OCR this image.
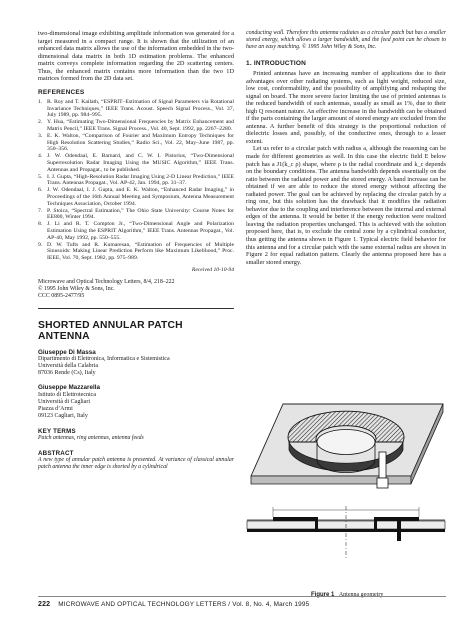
two-dimensional image exhibiting amplitude information was generated for a target measured in a compact range. It is shown that the utilization of an enhanced data matrix allows the use of the information embedded in the two-dimensional data matrix in both 1D estimation problems. The enhanced matrix conveys complete information regarding the 2D scattering centers. Thus, the enhanced matrix contains more information than the two 1D matrices formed from the 2D data set.

REFERENCES
1. R. Roy and T. Kailath, “ESPRIT–Estimation of Signal Parameters via Rotational Invariance Techniques,” IEEE Trans. Acoust. Speech Signal Process., Vol. 37, July 1989, pp. 984–995.
2. Y. Hua, “Estimating Two-Dimensional Frequencies by Matrix Enhancement and Matrix Pencil,” IEEE Trans. Signal Process., Vol. 40, Sept. 1992, pp. 2267–2280.
3. E. K. Walton, “Comparison of Fourier and Maximum Entropy Techniques for High Resolution Scattering Studies,” Radio Sci., Vol. 22, May–June 1987, pp. 350–356.
4. J. W. Odendaal, E. Barnard, and C. W. I. Pistorius, “Two-Dimensional Superresolution Radar Imaging Using the MUSIC Algorithm,” IEEE Trans. Antennas and Propagat., to be published.
5. I. J. Gupta, “High-Resolution Radar Imaging Using 2-D Linear Prediction,” IEEE Trans. Antennas Propagat., Vol. AP-42, Jan. 1994, pp. 31–37.
6. J. W. Odendaal, I. J. Gupta, and E. K. Walton, “Enhanced Radar Imaging,” in Proceedings of the 16th Annual Meeting and Symposium, Antenna Measurement Techniques Association, October 1994.
7. P. Stoica, “Spectral Estimation,” The Ohio State University: Course Notes for EE800, Winter 1994.
8. J. Li and R. T. Compton Jr., “Two-Dimensional Angle and Polarization Estimation Using the ESPRIT Algorithm,” IEEE Trans. Antennas Propagat., Vol. AP-40, May 1992, pp. 550–555.
9. D. W. Tufts and R. Kumaresan, “Estimation of Frequencies of Multiple Sinusoids: Making Linear Prediction Perform like Maximum Likelihood,” Proc. IEEE, Vol. 70, Sept. 1982, pp. 975–989.
Received 10-10-94
Microwave and Optical Technology Letters, 8/4, 218–222
© 1995 John Wiley & Sons, Inc.
CCC 0895-2477/95
SHORTED ANNULAR PATCH ANTENNA
Giuseppe Di Massa
Dipartimento di Elettronica, Informatica e Sistemistica
Università della Calabria
87036 Rende (Cs), Italy
Giuseppe Mazzarella
Istituto di Elettrotecnica
Università di Cagliari
Piazza d’Armi
09123 Cagliari, Italy
KEY TERMS
Patch antennas, ring antennas, antenna feeds
ABSTRACT
A new type of annular patch antenna is presented. At variance of classical annular patch antenna the inner edge is shorted by a cylindrical

conducting wall. Therefore this antenna radiates as a circular patch but has a smaller stored energy, which allows a larger bandwidth, and the feed point can be chosen to have an easy matching. © 1995 John Wiley & Sons, Inc.

1. INTRODUCTION

Printed antennas have an increasing number of applications due to their advantages over other radiating systems, such as light weight, reduced size, low cost, conformability, and the possibility of amplifying and reshaping the signal on board. The more severe factor limiting the use of printed antennas is the reduced bandwidth of such antennas, usually as small as 1%, due to their high Q resonant nature. An effective increase in the bandwidth can be obtained if the parts containing the larger amount of stored energy are excluded from the antenna. A further benefit of this strategy is the proportional reduction of dielectric losses and, possibly, of the conductive ones, through to a lesser extent.

Let us refer to a circular patch with radius a, although the reasoning can be made for different geometries as well. In this case the electric field E below patch has a J1(k_c ρ) shape, where ρ is the radial coordinate and k_c depends on the boundary conditions. The antenna bandwidth depends essentially on the ratio between the radiated power and the stored energy. A band increase can be obtained if we are able to reduce the stored energy without affecting the radiated power. The goal can be achieved by replacing the circular patch by a ring one, but this solution has the drawback that it modifies the radiation behavior due to the coupling and interference between the internal and external edges of the antenna. It would be better if the energy reduction were realized leaving the radiation properties unchanged. This is achieved with the solution proposed here, that is, to exclude the central zone by a cylindrical conductor, thus getting the antenna shown in Figure 1. Typical electric field behavior for this antenna and for a circular patch with the same external radius are shown in Figure 2 for equal radiation pattern. Clearly the antenna proposed here has a smaller stored energy.

Figure 1 Antenna geometry
222 MICROWAVE AND OPTICAL TECHNOLOGY LETTERS / Vol. 8, No. 4, March 1995
